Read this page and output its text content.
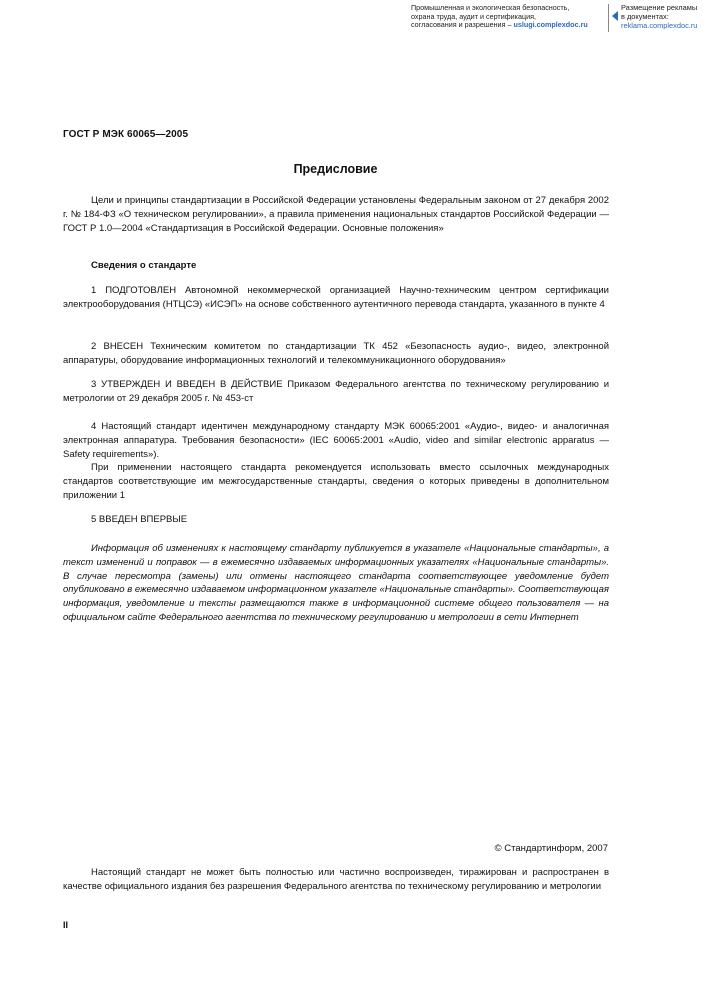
Промышленная и экологическая безопасность,
охрана труда, аудит и сертификация,
согласования и разрешения – uslugi.complexdoc.ru
Размещение рекламы
в документах:
reklama.complexdoc.ru
ГОСТ Р МЭК 60065—2005
Предисловие

Цели и принципы стандартизации в Российской Федерации установлены Федеральным законом от 27 декабря 2002 г. № 184-ФЗ «О техническом регулировании», а правила применения национальных стандартов Российской Федерации — ГОСТ Р 1.0—2004 «Стандартизация в Российской Федерации. Основные положения»

Сведения о стандарте

1 ПОДГОТОВЛЕН Автономной некоммерческой организацией Научно-техническим центром сертификации электрооборудования (НТЦСЭ) «ИСЭП» на основе собственного аутентичного перевода стандарта, указанного в пункте 4

2 ВНЕСЕН Техническим комитетом по стандартизации ТК 452 «Безопасность аудио-, видео, электронной аппаратуры, оборудование информационных технологий и телекоммуникационного оборудования»

3 УТВЕРЖДЕН И ВВЕДЕН В ДЕЙСТВИЕ Приказом Федерального агентства по техническому регулированию и метрологии от 29 декабря 2005 г. № 453-ст

4 Настоящий стандарт идентичен международному стандарту МЭК 60065:2001 «Аудио-, видео- и аналогичная электронная аппаратура. Требования безопасности» (IEC 60065:2001 «Audio, video and similar electronic apparatus — Safety requirements»).

При применении настоящего стандарта рекомендуется использовать вместо ссылочных международных стандартов соответствующие им межгосударственные стандарты, сведения о которых приведены в дополнительном приложении 1

5 ВВЕДЕН ВПЕРВЫЕ

Информация об изменениях к настоящему стандарту публикуется в указателе «Национальные стандарты», а текст изменений и поправок — в ежемесячно издаваемых информационных указателях «Национальные стандарты». В случае пересмотра (замены) или отмены настоящего стандарта соответствующее уведомление будет опубликовано в ежемесячно издаваемом информационном указателе «Национальные стандарты». Соответствующая информация, уведомление и тексты размещаются также в информационной системе общего пользователя — на официальном сайте Федерального агентства по техническому регулированию и метрологии в сети Интернет

© Стандартинформ, 2007

Настоящий стандарт не может быть полностью или частично воспроизведен, тиражирован и распространен в качестве официального издания без разрешения Федерального агентства по техническому регулированию и метрологии

II
